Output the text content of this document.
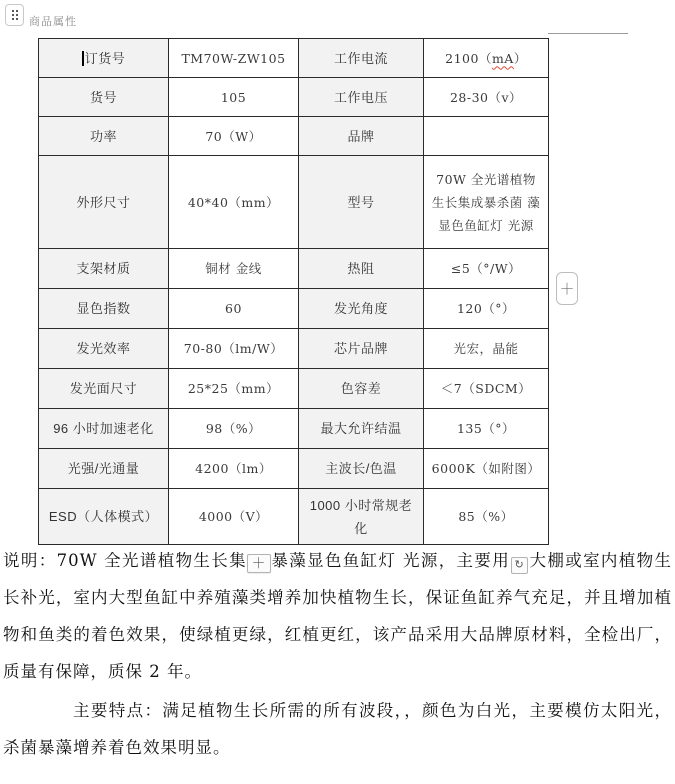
商品属性
订货号	TM70W-ZW105	工作电流	2100（mA）
货号	105	工作电压	28-30（v）
功率	70（W）	品牌	
外形尺寸	40*40（mm）	型号	70W 全光谱植物 生长集成暴杀菌 藻显色鱼缸灯 光源
支架材质	铜材 金线	热阻	≤5（°/W）
显色指数	60	发光角度	120（°）
发光效率	70-80（lm/W）	芯片品牌	光宏，晶能
发光面尺寸	25*25（mm）	色容差	＜7（SDCM）
96 小时加速老化	98（%）	最大允许结温	135（°）
光强/光通量	4200（lm）	主波长/色温	6000K（如附图）
ESD（人体模式）	4000（V）	1000 小时常规老化	85（%）
＋

说明：70W 全光谱植物生长集 ＋ 暴藻显色鱼缸灯 光源，主要用 ↻ 大棚或室内植物生长补光，室内大型鱼缸中养殖藻类增养加快植物生长，保证鱼缸养气充足，并且增加植物和鱼类的着色效果，使绿植更绿，红植更红，该产品采用大品牌原材料，全检出厂，质量有保障，质保 2 年。

主要特点：满足植物生长所需的所有波段，，颜色为白光，主要模仿太阳光，杀菌暴藻增养着色效果明显。
